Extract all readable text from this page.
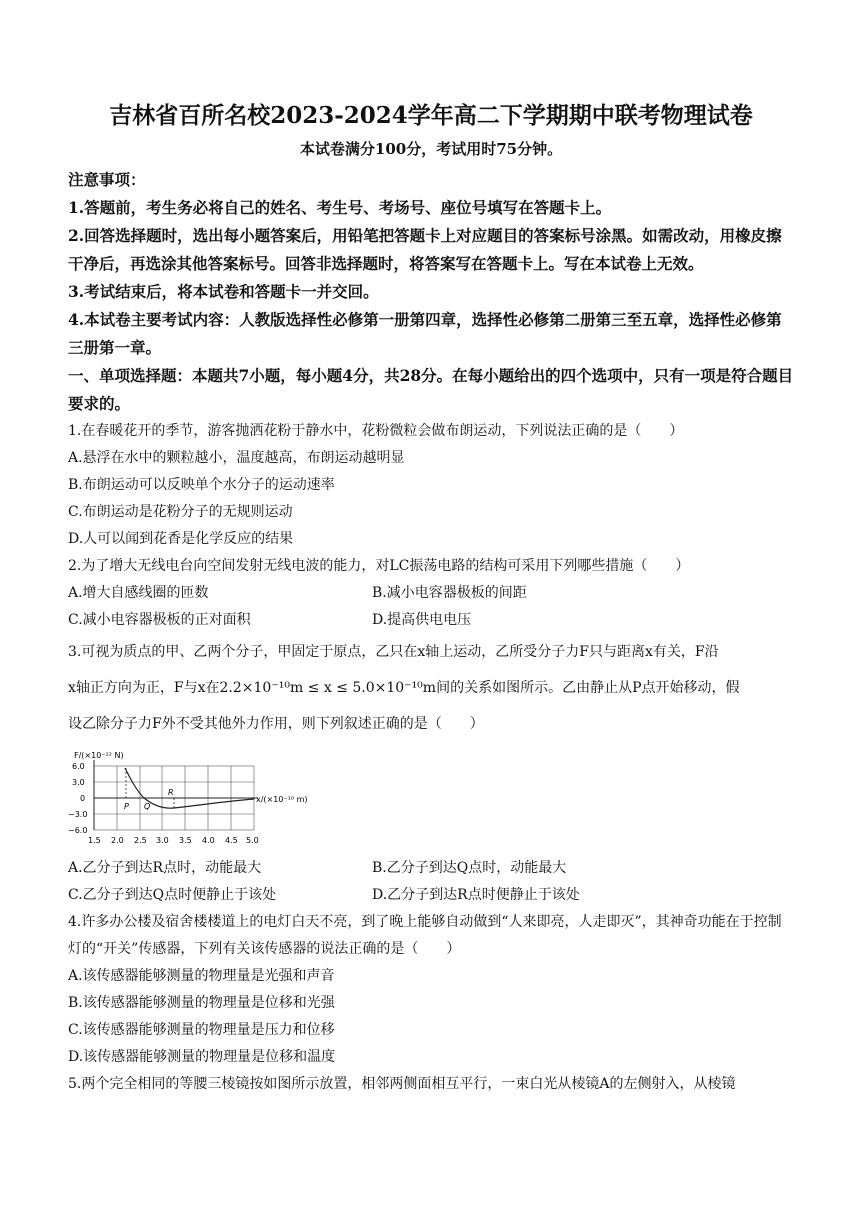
吉林省百所名校2023-2024学年高二下学期期中联考物理试卷
本试卷满分100分，考试用时75分钟。
注意事项：
1.答题前，考生务必将自己的姓名、考生号、考场号、座位号填写在答题卡上。
2.回答选择题时，选出每小题答案后，用铅笔把答题卡上对应题目的答案标号涂黑。如需改动，用橡皮擦干净后，再选涂其他答案标号。回答非选择题时，将答案写在答题卡上。写在本试卷上无效。
3.考试结束后，将本试卷和答题卡一并交回。
4.本试卷主要考试内容：人教版选择性必修第一册第四章，选择性必修第二册第三至五章，选择性必修第三册第一章。
一、单项选择题：本题共7小题，每小题4分，共28分。在每小题给出的四个选项中，只有一项是符合题目要求的。
1.在春暖花开的季节，游客抛洒花粉于静水中，花粉微粒会做布朗运动，下列说法正确的是（　　）
A.悬浮在水中的颗粒越小，温度越高，布朗运动越明显
B.布朗运动可以反映单个水分子的运动速率
C.布朗运动是花粉分子的无规则运动
D.人可以闻到花香是化学反应的结果
2.为了增大无线电台向空间发射无线电波的能力，对LC振荡电路的结构可采用下列哪些措施（　　）
A.增大自感线圈的匝数	B.减小电容器极板的间距
C.减小电容器极板的正对面积	D.提高供电电压
3.可视为质点的甲、乙两个分子，甲固定于原点，乙只在x轴上运动，乙所受分子力F只与距离x有关，F沿
x轴正方向为正，F与x在2.2×10⁻¹⁰m ≤ x ≤ 5.0×10⁻¹⁰m间的关系如图所示。乙由静止从P点开始移动，假
设乙除分子力F外不受其他外力作用，则下列叙述正确的是（　　）
F/(×10⁻¹² N)
P Q
R
x/(×10⁻¹⁰ m)
6.0
3.0
0
−3.0
−6.0
1.5 2.0 2.5 3.0 3.5 4.0 4.5 5.0
A.乙分子到达R点时，动能最大	B.乙分子到达Q点时，动能最大
C.乙分子到达Q点时便静止于该处	D.乙分子到达R点时便静止于该处
4.许多办公楼及宿舍楼楼道上的电灯白天不亮，到了晚上能够自动做到“人来即亮，人走即灭”，其神奇功能在于控制灯的“开关”传感器，下列有关该传感器的说法正确的是（　　）
A.该传感器能够测量的物理量是光强和声音
B.该传感器能够测量的物理量是位移和光强
C.该传感器能够测量的物理量是压力和位移
D.该传感器能够测量的物理量是位移和温度
5.两个完全相同的等腰三棱镜按如图所示放置，相邻两侧面相互平行，一束白光从棱镜A的左侧射入，从棱镜
